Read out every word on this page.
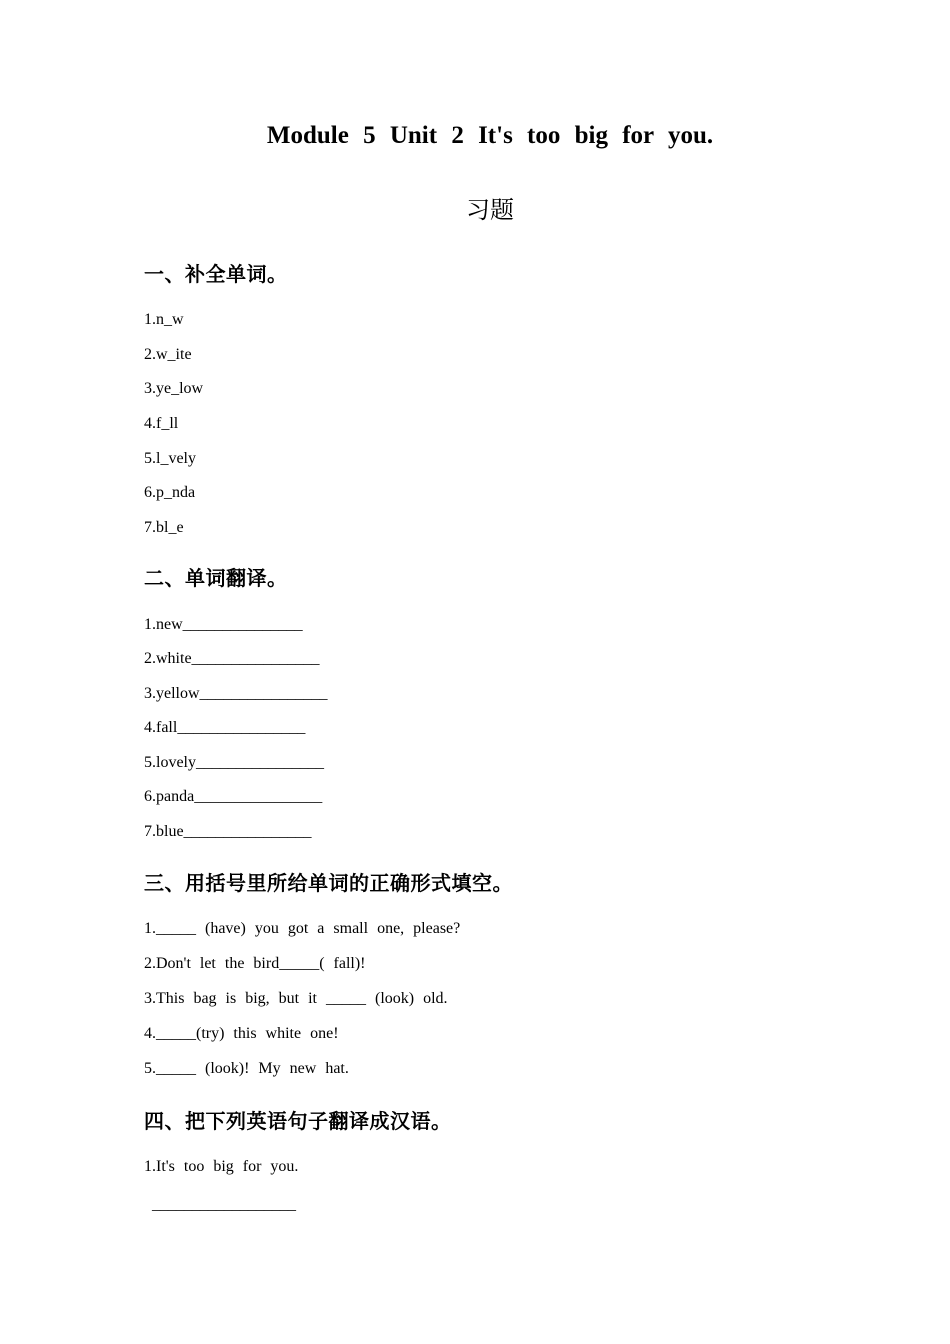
Module 5 Unit 2 It's too big for you.
习题
一、补全单词。
1.n_w
2.w_ite
3.ye_low
4.f_ll
5.l_vely
6.p_nda
7.bl_e
二、单词翻译。
1.new_______________
2.white________________
3.yellow________________
4.fall________________
5.lovely________________
6.panda________________
7.blue________________
三、用括号里所给单词的正确形式填空。
1._____ (have) you got a small one, please?
2.Don't let the bird_____( fall)!
3.This bag is big, but it _____ (look) old.
4._____(try) this white one!
5._____ (look)! My new hat.
四、把下列英语句子翻译成汉语。
1.It's too big for you.
__________________
